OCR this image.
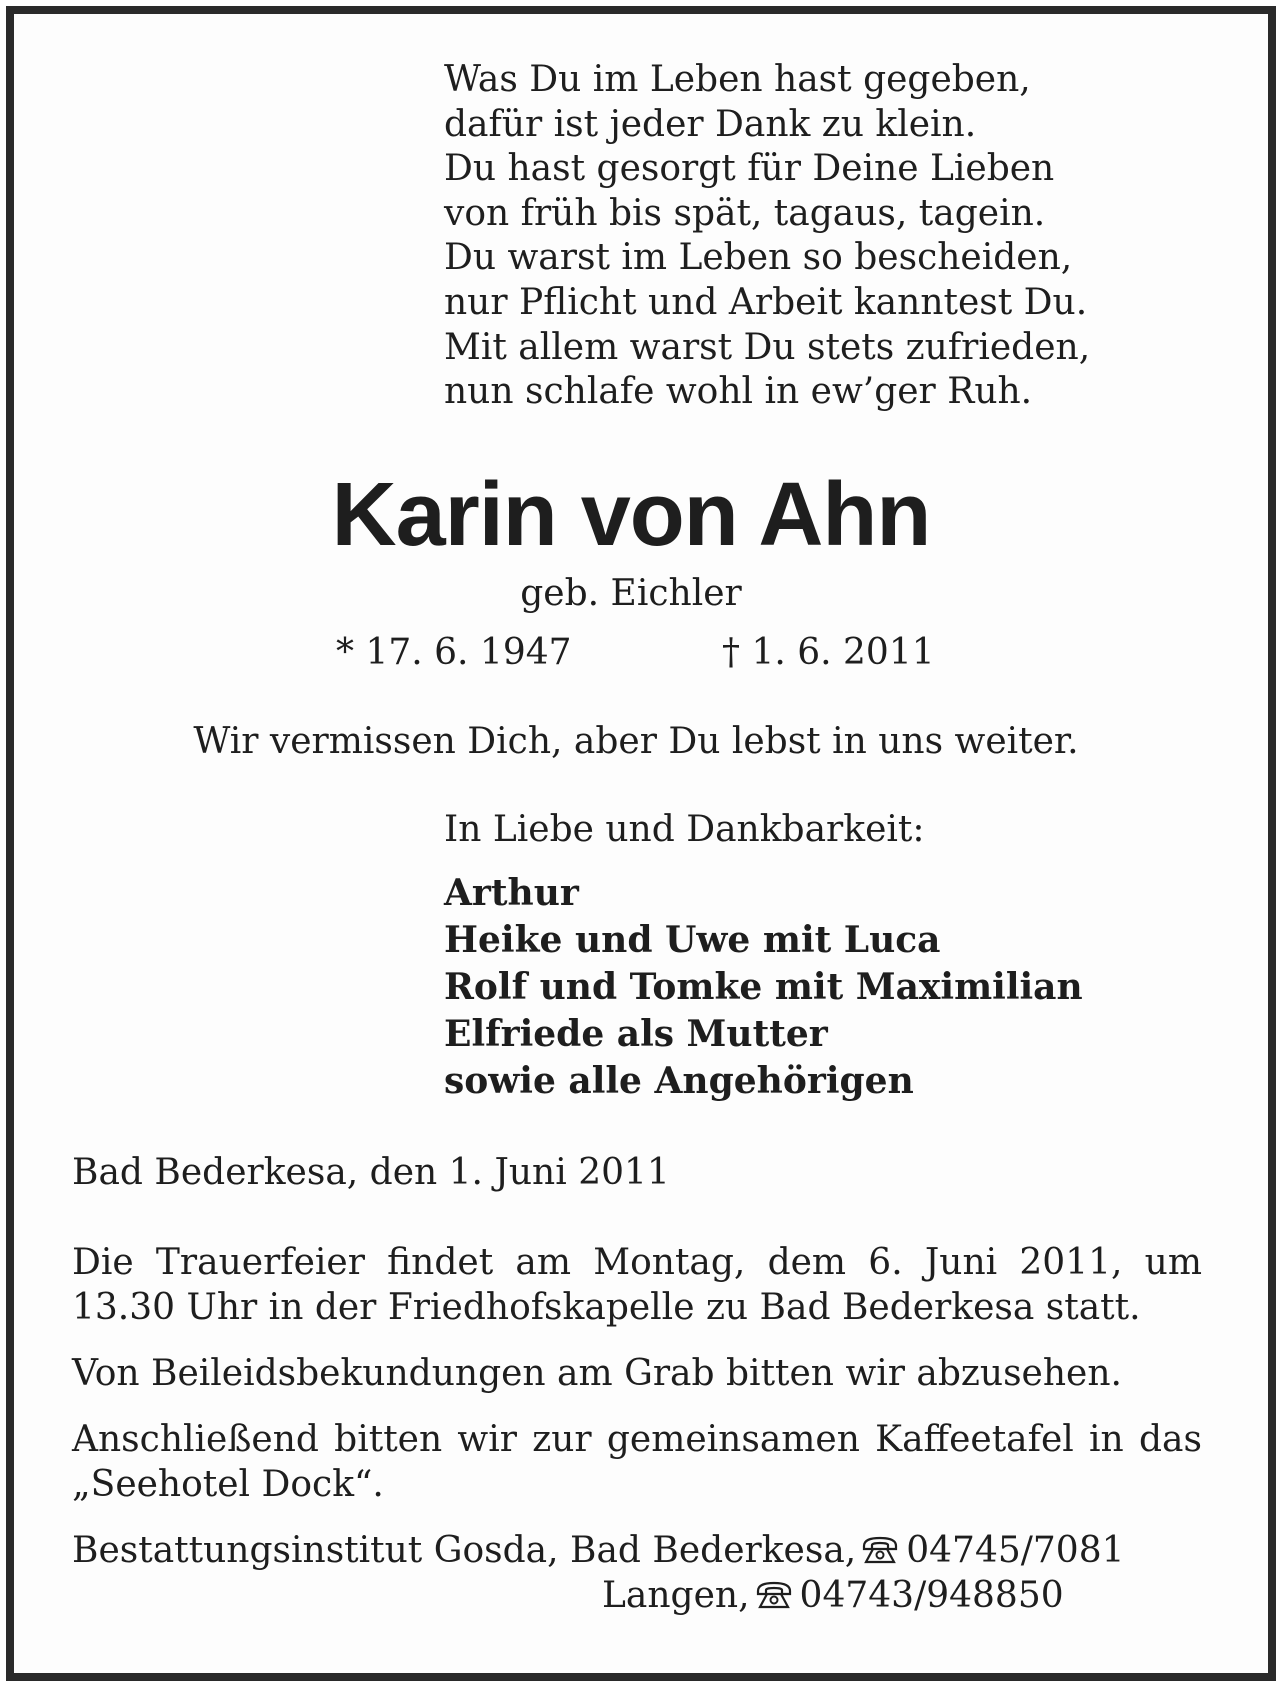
Was Du im Leben hast gegeben,
dafür ist jeder Dank zu klein.
Du hast gesorgt für Deine Lieben
von früh bis spät, tagaus, tagein.
Du warst im Leben so bescheiden,
nur Pflicht und Arbeit kanntest Du.
Mit allem warst Du stets zufrieden,
nun schlafe wohl in ew’ger Ruh.
Karin von Ahn
geb. Eichler
* 17. 6. 1947	† 1. 6. 2011
Wir vermissen Dich, aber Du lebst in uns weiter.
In Liebe und Dankbarkeit:
Arthur
Heike und Uwe mit Luca
Rolf und Tomke mit Maximilian
Elfriede als Mutter
sowie alle Angehörigen
Bad Bederkesa, den 1. Juni 2011
Die Trauerfeier findet am Montag, dem 6. Juni 2011, um 13.30 Uhr in der Friedhofskapelle zu Bad Bederkesa statt.
Von Beileidsbekundungen am Grab bitten wir abzusehen.
Anschließend bitten wir zur gemeinsamen Kaffeetafel in das „Seehotel Dock“.
Bestattungsinstitut Gosda, Bad Bederkesa, 04745/7081
Langen, 04743/948850
